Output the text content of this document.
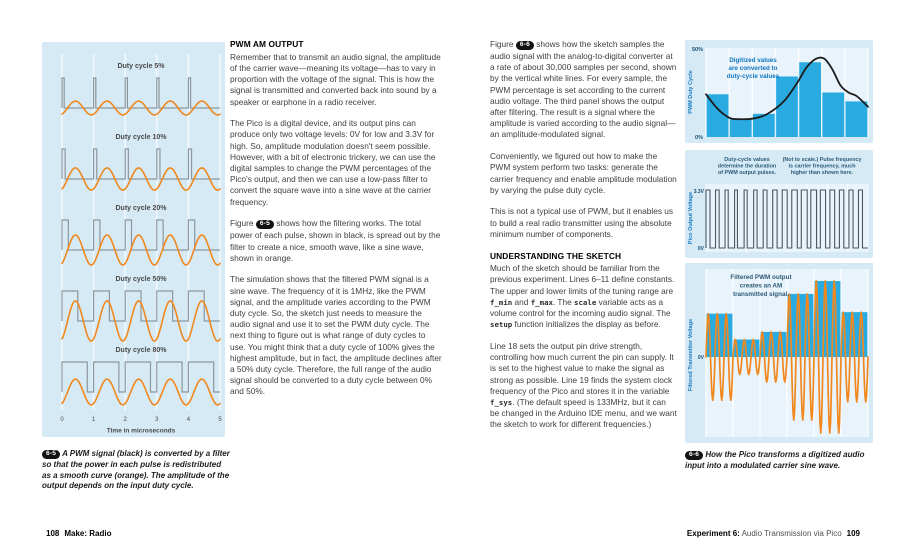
Duty cycle 5%
Duty cycle 10%
Duty cycle 20%
Duty cycle 50%
Duty cycle 80%
0	1	2	3	4	5
Time in microseconds
6-5 A PWM signal (black) is converted by a filter so that the power in each pulse is redistributed as a smooth curve (orange). The amplitude of the output depends on the input duty cycle.
PWM AM OUTPUT

Remember that to transmit an audio signal, the amplitude of the carrier wave—meaning its voltage—has to vary in proportion with the voltage of the signal. This is how the signal is transmitted and converted back into sound by a speaker or earphone in a radio receiver.

The Pico is a digital device, and its output pins can produce only two voltage levels: 0V for low and 3.3V for high. So, amplitude modulation doesn't seem possible. However, with a bit of electronic trickery, we can use the digital samples to change the PWM percentages of the Pico's output, and then we can use a low-pass filter to convert the square wave into a sine wave at the carrier frequency.

Figure 6-5 shows how the filtering works. The total power of each pulse, shown in black, is spread out by the filter to create a nice, smooth wave, like a sine wave, shown in orange.

The simulation shows that the filtered PWM signal is a sine wave. The frequency of it is 1MHz, like the PWM signal, and the amplitude varies according to the PWM duty cycle. So, the sketch just needs to measure the audio signal and use it to set the PWM duty cycle. The next thing to figure out is what range of duty cycles to use. You might think that a duty cycle of 100% gives the highest amplitude, but in fact, the amplitude declines after a 50% duty cycle. Therefore, the full range of the audio signal should be converted to a duty cycle between 0% and 50%.

Figure 6-6 shows how the sketch samples the audio signal with the analog-to-digital converter at a rate of about 30,000 samples per second, shown by the vertical white lines. For every sample, the PWM percentage is set according to the current audio voltage. The third panel shows the output after filtering. The result is a signal where the amplitude is varied according to the audio signal—an amplitude-modulated signal.

Conveniently, we figured out how to make the PWM system perform two tasks: generate the carrier frequency and enable amplitude modulation by varying the pulse duty cycle.

This is not a typical use of PWM, but it enables us to build a real radio transmitter using the absolute minimum number of components.

UNDERSTANDING THE SKETCH

Much of the sketch should be familiar from the previous experiment. Lines 6–11 define constants. The upper and lower limits of the tuning range are f_min and f_max. The scale variable acts as a volume control for the incoming audio signal. The setup function initializes the display as before.

Line 18 sets the output pin drive strength, controlling how much current the pin can supply. It is set to the highest value to make the signal as strong as possible. Line 19 finds the system clock frequency of the Pico and stores it in the variable f_sys. (The default speed is 133MHz, but it can be changed in the Arduino IDE menu, and we want the sketch to work for different frequencies.)

50%
0%
PWM Duty Cycle
Digitized values
are converted to
duty-cycle values
Duty-cycle values
determine the duration
of PWM output pulses.
(Not to scale.) Pulse frequency
is carrier frequency, much
higher than shown here.
3.3V
0V
Pico Output Voltage
Filtered PWM output
creates an AM
transmitted signal.
0V
Filtered Transmitter Voltage
6-6 How the Pico transforms a digitized audio input into a modulated carrier sine wave.
108 Make: Radio	Experiment 6: Audio Transmission via Pico 109
